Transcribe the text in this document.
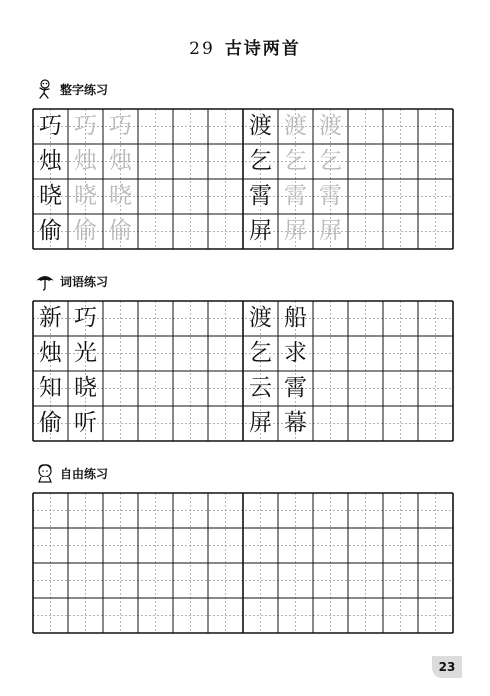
29 古诗两首
整字练习
词语练习
自由练习
巧 巧 巧
烛 烛 烛
晓 晓 晓
偷 偷 偷
渡 渡 渡
乞 乞 乞
霄 霄 霄
屏 屏 屏
新 巧
烛 光
知 晓
偷 听
渡 船
乞 求
云 霄
屏 幕
23
